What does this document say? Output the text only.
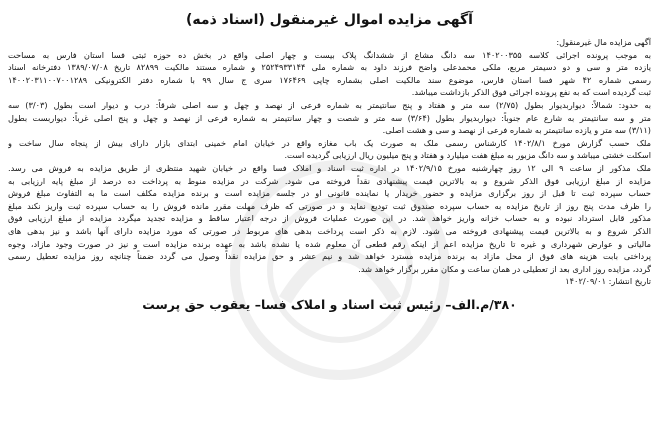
آگهی مزایده اموال غیرمنقول (اسناد ذمه)
آگهی مزایده مال غیرمنقول:
به موجب پرونده اجرائی کلاسه ۱۴۰۲۰۰۳۵۵ سه دانگ مشاع از ششدانگ پلاک بیست و چهار اصلی واقع در بخش ده حوزه ثبتی فسا استان فارس به مساحت
یازده متر و سی و دو دسیمتر مربع، ملکی محمدعلی واضح فرزند داود به شماره ملی ۲۵۲۴۹۳۳۱۴۴ و شماره مستند مالکیت ۸۲۸۹۹ تاریخ ۱۳۸۹/۰۷/۰۸ دفترخانه اسناد
رسمی شماره ۴۲ شهر فسا استان فارس، موضوع سند مالکیت اصلی بشماره چاپی ۱۷۶۴۶۹ سری ج سال ۹۹ با شماره دفتر الکترونیکی ۱۴۰۰۲۰۳۱۱۰۰۷۰۰۱۲۸۹
ثبت گردیده است که به نفع پرونده اجرائی فوق الذکر بازداشت میباشد.
به حدود: شمالاً: دیواربدیوار بطول (۲/۷۵) سه متر و هفتاد و پنج سانتیمتر به شماره فرعی از نهصد و چهل و سه اصلی شرقاً: درب و دیوار است بطول (۳/۰۳) سه
متر و سه سانتیمتر به شارع عام جنوباً: دیواربدیوار بطول (۳/۶۴) سه متر و شصت و چهار سانتیمتر به شماره فرعی از نهصد و چهل و پنج اصلی غرباً: دیواربست بطول
(۳/۱۱) سه متر و یازده سانتیمتر به شماره فرعی از نهصد و سی و هشت اصلی.
ملک حسب گزارش مورخ ۱۴۰۲/۸/۱ کارشناس رسمی ملک به صورت یک باب مغازه واقع در خیابان امام خمینی ابتدای بازار دارای بیش از پنجاه سال ساخت و
اسکلت خشتی میباشد و سه دانگ مزبور به مبلغ هفت میلیارد و هفتاد و پنج میلیون ریال ارزیابی گردیده است.
ملک مذکور از ساعت ۹ الی ۱۲ روز چهارشنبه مورخ ۱۴۰۲/۹/۱۵ در اداره ثبت اسناد و املاک فسا واقع در خیابان شهید منتظری از طریق مزایده به فروش می رسد.
مزایده از مبلغ ارزیابی فوق الذکر شروع و به بالاترین قیمت پیشنهادی نقداً فروخته می شود. شرکت در مزایده منوط به پرداخت ده درصد از مبلغ پایه ارزیابی به
حساب سپرده ثبت تا قبل از روز برگزاری مزایده و حضور خریدار یا نماینده قانونی او در جلسه مزایده است و برنده مزایده مکلف است ما به التفاوت مبلغ فروش
را ظرف مدت پنج روز از تاریخ مزایده به حساب سپرده صندوق ثبت تودیع نماید و در صورتی که ظرف مهلت مقرر مانده فروش را به حساب سپرده ثبت واریز نکند مبلغ
مذکور قابل استرداد نبوده و به حساب خزانه واریز خواهد شد. در این صورت عملیات فروش از درجه اعتبار ساقط و مزایده تجدید میگردد مزایده از مبلغ ارزیابی فوق
الذکر شروع و به بالاترین قیمت پیشنهادی فروخته می شود. لازم به ذکر است پرداخت بدهی های مربوط در صورتی که مورد مزایده دارای آنها باشد و نیز بدهی های
مالیاتی و عوارض شهرداری و غیره تا تاریخ مزایده اعم از اینکه رقم قطعی آن معلوم شده یا نشده باشد به عهده برنده مزایده است و نیز در صورت وجود مازاد، وجوه
پرداختی بابت هزینه های فوق از محل مازاد به برنده مزایده مسترد خواهد شد و نیم عشر و حق مزایده نقداً وصول می گردد ضمناً چنانچه روز مزایده تعطیل رسمی
گردد، مزایده روز اداری بعد از تعطیلی در همان ساعت و مکان مقرر برگزار خواهد شد.
تاریخ انتشار: ۱۴۰۲/۰۹/۰۱
۳۸۰/م.الف– رئیس ثبت اسناد و املاک فسا– یعقوب حق پرست
